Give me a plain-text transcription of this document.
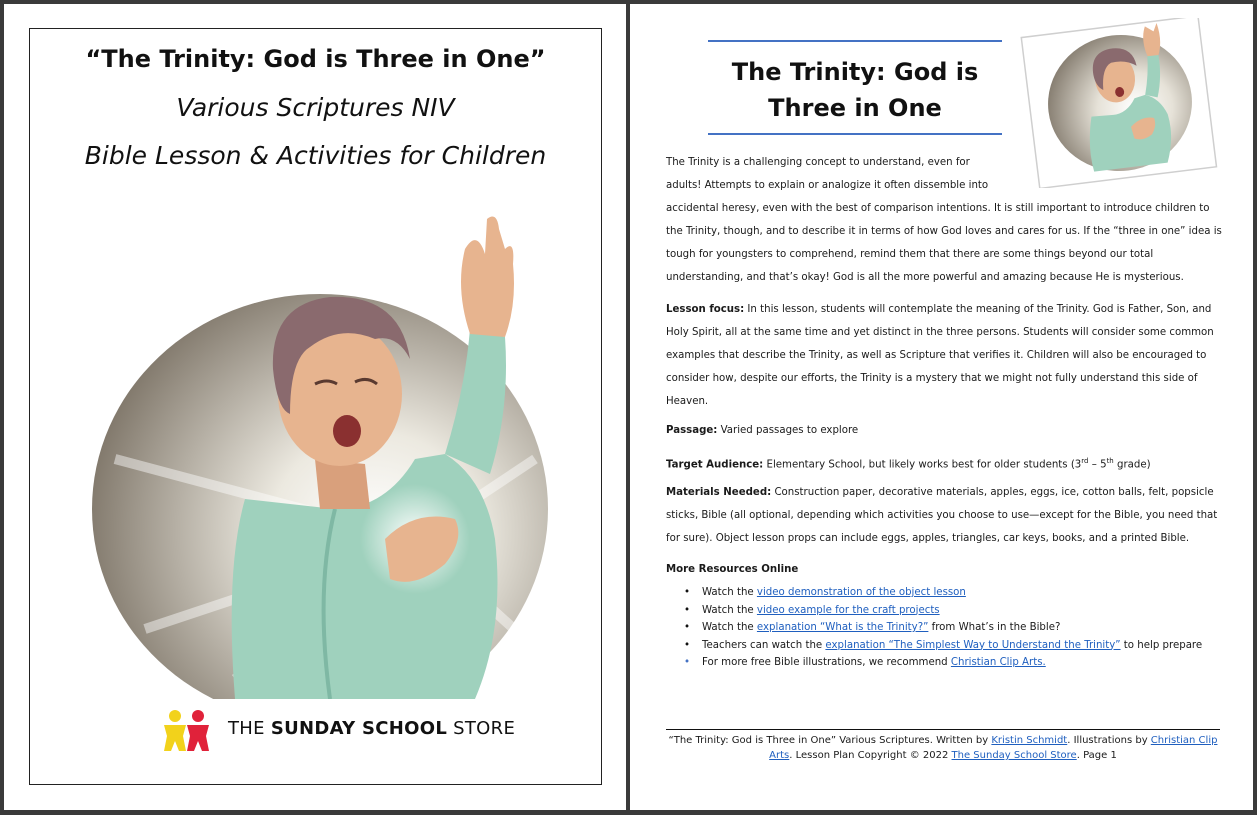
“The Trinity: God is Three in One”
Various Scriptures NIV
Bible Lesson & Activities for Children
THE SUNDAY SCHOOL STORE
The Trinity: God is
Three in One
The Trinity is a challenging concept to understand, even for
adults! Attempts to explain or analogize it often dissemble into
accidental heresy, even with the best of comparison intentions. It is still important to introduce children to
the Trinity, though, and to describe it in terms of how God loves and cares for us. If the “three in one” idea is
tough for youngsters to comprehend, remind them that there are some things beyond our total
understanding, and that’s okay! God is all the more powerful and amazing because He is mysterious.
Lesson focus: In this lesson, students will contemplate the meaning of the Trinity. God is Father, Son, and
Holy Spirit, all at the same time and yet distinct in the three persons. Students will consider some common
examples that describe the Trinity, as well as Scripture that verifies it. Children will also be encouraged to
consider how, despite our efforts, the Trinity is a mystery that we might not fully understand this side of
Heaven.
Passage: Varied passages to explore
Target Audience: Elementary School, but likely works best for older students (3rd – 5th grade)
Materials Needed: Construction paper, decorative materials, apples, eggs, ice, cotton balls, felt, popsicle
sticks, Bible (all optional, depending which activities you choose to use—except for the Bible, you need that
for sure). Object lesson props can include eggs, apples, triangles, car keys, books, and a printed Bible.
More Resources Online
• Watch the video demonstration of the object lesson
• Watch the video example for the craft projects
• Watch the explanation “What is the Trinity?” from What’s in the Bible?
• Teachers can watch the explanation “The Simplest Way to Understand the Trinity” to help prepare
• For more free Bible illustrations, we recommend Christian Clip Arts.
“The Trinity: God is Three in One” Various Scriptures. Written by Kristin Schmidt. Illustrations by Christian Clip Arts. Lesson Plan Copyright © 2022 The Sunday School Store. Page 1
